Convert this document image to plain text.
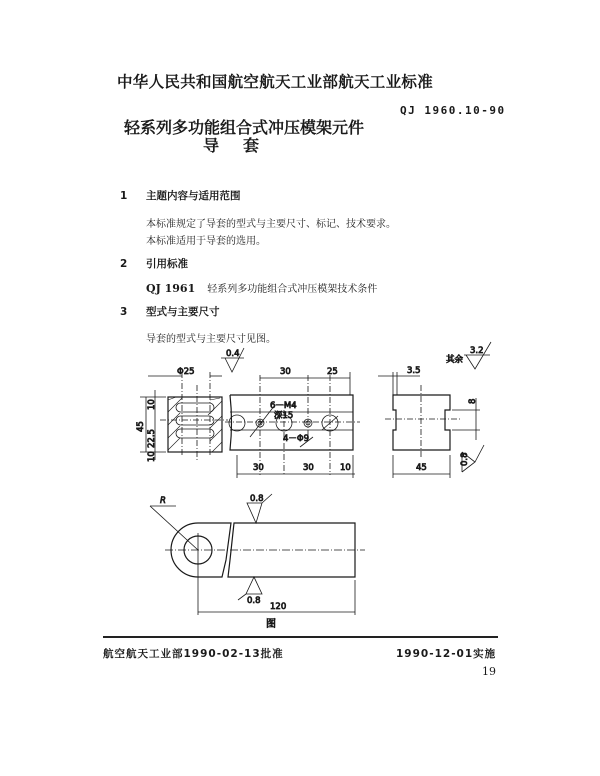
中华人民共和国航空航天工业部航天工业标准
QJ 1960.10-90
轻系列多功能组合式冲压模架元件
导套
1 主题内容与适用范围
本标准规定了导套的型式与主要尺寸、标记、技术要求。
本标准适用于导套的选用。
2 引用标准
QJ 1961 轻系列多功能组合式冲压模架技术条件
3 型式与主要尺寸
导套的型式与主要尺寸见图。
Φ25	30	25	3.5
10
45
22.5
10
30	30	10	45
8
6－M4
深15
4－Φ9
0.4
其余
3.2
0.8
0.8
0.8
R
120
图
航空航天工业部1990-02-13批准	1990-12-01实施
19
